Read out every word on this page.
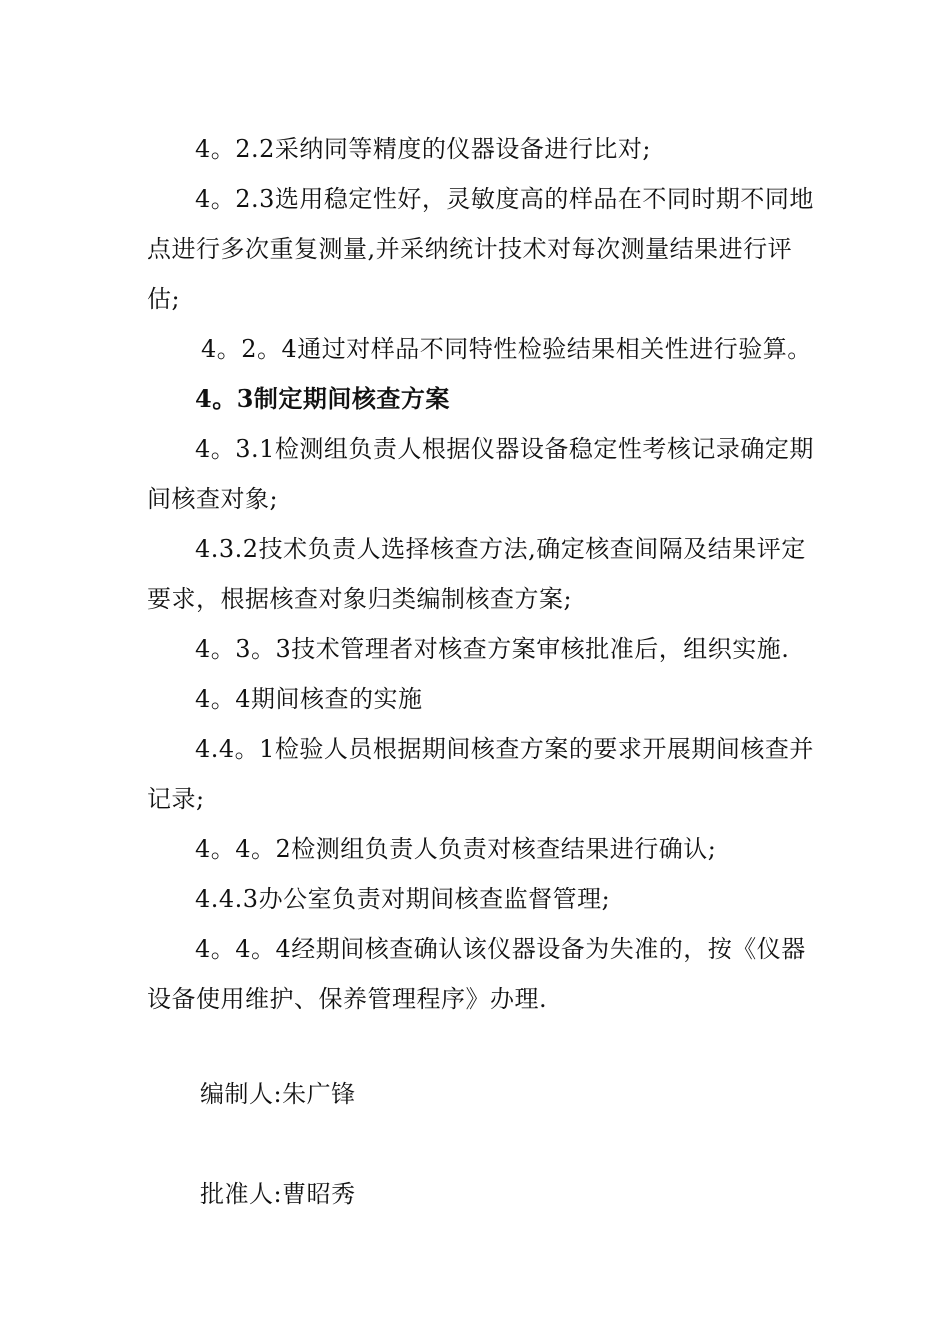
4。2.2采纳同等精度的仪器设备进行比对;

4。2.3选用稳定性好，灵敏度高的样品在不同时期不同地点进行多次重复测量,并采纳统计技术对每次测量结果进行评估;

4。2。4通过对样品不同特性检验结果相关性进行验算。

4。3制定期间核查方案

4。3.1检测组负责人根据仪器设备稳定性考核记录确定期间核查对象;

4.3.2技术负责人选择核查方法,确定核查间隔及结果评定要求，根据核查对象归类编制核查方案;

4。3。3技术管理者对核查方案审核批准后，组织实施.

4。4期间核查的实施

4.4。1检验人员根据期间核查方案的要求开展期间核查并记录;

4。4。2检测组负责人负责对核查结果进行确认;

4.4.3办公室负责对期间核查监督管理;

4。4。4经期间核查确认该仪器设备为失准的，按《仪器设备使用维护、保养管理程序》办理.

编制人:朱广锋
批准人:曹昭秀
